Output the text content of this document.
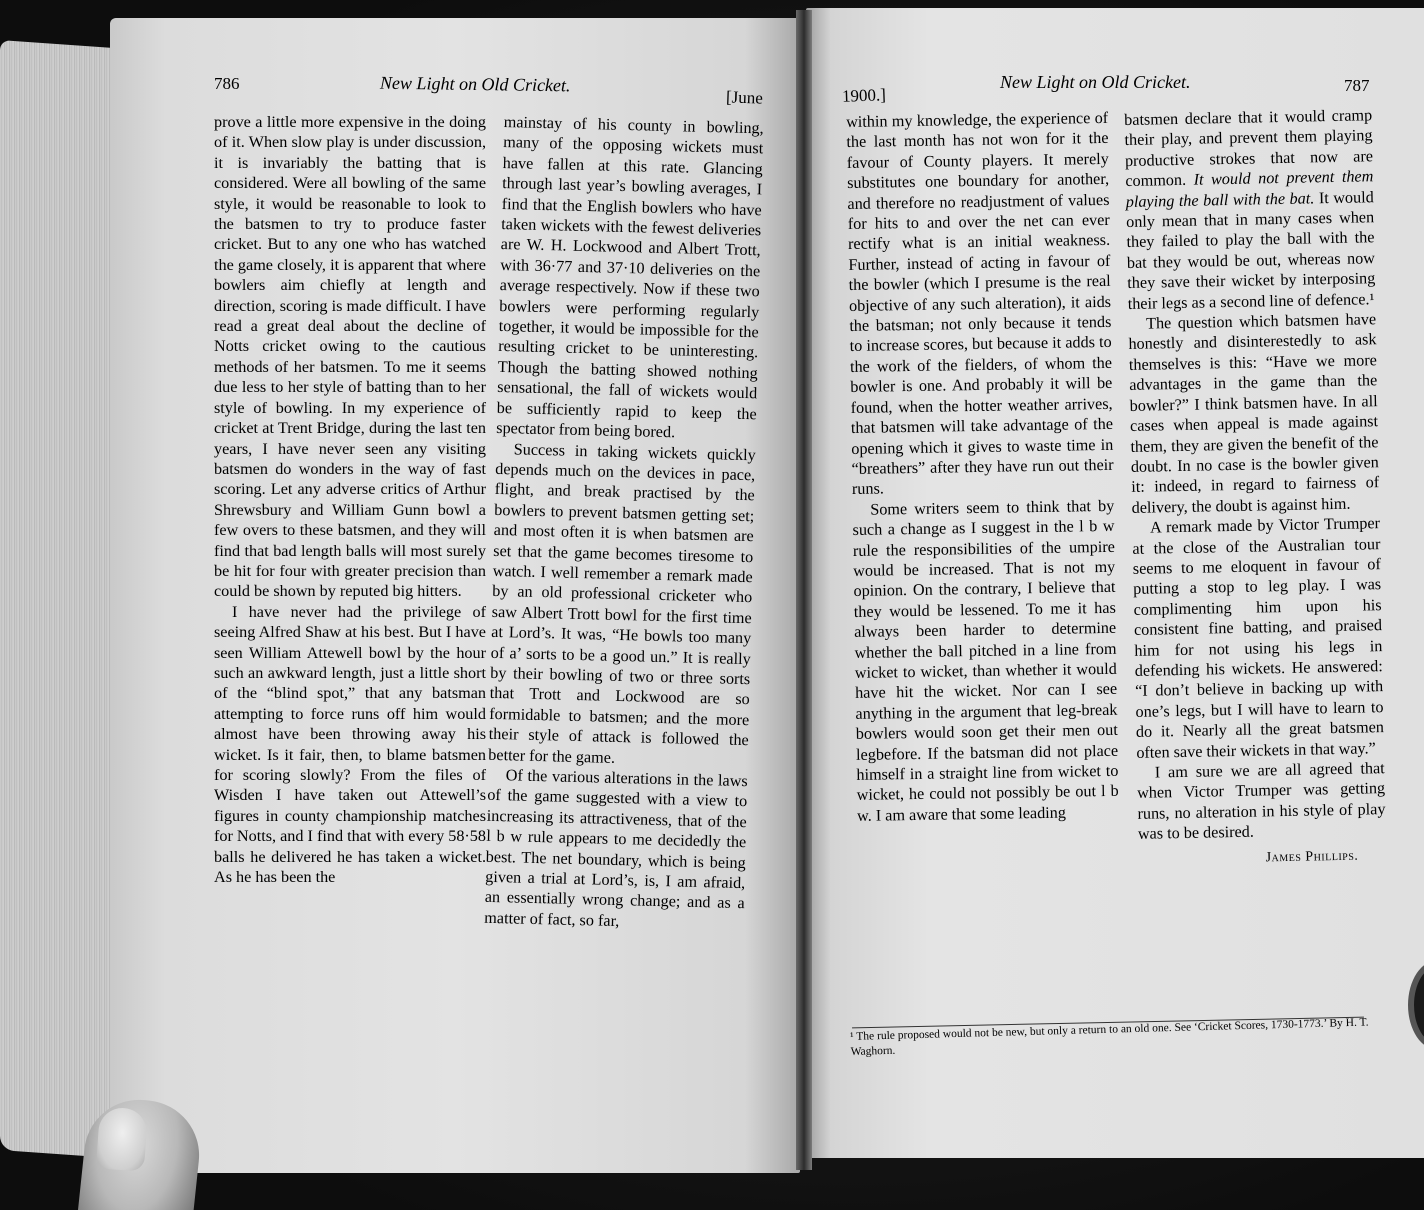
786	New Light on Old Cricket.
[June

prove a little more expensive in the doing of it. When slow play is under discussion, it is invariably the batting that is considered. Were all bowling of the same style, it would be reasonable to look to the batsmen to try to produce faster cricket. But to any one who has watched the game closely, it is apparent that where bowlers aim chiefly at length and direction, scoring is made difficult. I have read a great deal about the decline of Notts cricket owing to the cautious methods of her batsmen. To me it seems due less to her style of batting than to her style of bowling. In my experience of cricket at Trent Bridge, during the last ten years, I have never seen any visiting batsmen do wonders in the way of fast scoring. Let any adverse critics of Arthur Shrewsbury and William Gunn bowl a few overs to these batsmen, and they will find that bad length balls will most surely be hit for four with greater precision than could be shown by reputed big hitters.

I have never had the privilege of seeing Alfred Shaw at his best. But I have seen William Attewell bowl by the hour such an awkward length, just a little short of the “blind spot,” that any batsman attempting to force runs off him would almost have been throwing away his wicket. Is it fair, then, to blame batsmen for scoring slowly? From the files of Wisden I have taken out Attewell’s figures in county championship matches for Notts, and I find that with every 58·58 balls he delivered he has taken a wicket. As he has been the

mainstay of his county in bowling, many of the opposing wickets must have fallen at this rate. Glancing through last year’s bowling averages, I find that the English bowlers who have taken wickets with the fewest deliveries are W. H. Lockwood and Albert Trott, with 36·77 and 37·10 deliveries on the average respectively. Now if these two bowlers were performing regularly together, it would be impossible for the resulting cricket to be uninteresting. Though the batting showed nothing sensational, the fall of wickets would be sufficiently rapid to keep the spectator from being bored.

Success in taking wickets quickly depends much on the devices in pace, flight, and break practised by the bowlers to prevent batsmen getting set; and most often it is when batsmen are set that the game becomes tiresome to watch. I well remember a remark made by an old professional cricketer who saw Albert Trott bowl for the first time at Lord’s. It was, “He bowls too many of a’ sorts to be a good un.” It is really by their bowling of two or three sorts that Trott and Lockwood are so formidable to batsmen; and the more their style of attack is followed the better for the game.

Of the various alterations in the laws of the game suggested with a view to increasing its attractiveness, that of the l b w rule appears to me decidedly the best. The net boundary, which is being given a trial at Lord’s, is, I am afraid, an essentially wrong change; and as a matter of fact, so far,

1900.]
New Light on Old Cricket.	787

within my knowledge, the experience of the last month has not won for it the favour of County players. It merely substitutes one boundary for another, and therefore no readjustment of values for hits to and over the net can ever rectify what is an initial weakness. Further, instead of acting in favour of the bowler (which I presume is the real objective of any such alteration), it aids the batsman; not only because it tends to increase scores, but because it adds to the work of the fielders, of whom the bowler is one. And probably it will be found, when the hotter weather arrives, that batsmen will take advantage of the opening which it gives to waste time in “breathers” after they have run out their runs.

Some writers seem to think that by such a change as I suggest in the l b w rule the responsibilities of the umpire would be increased. That is not my opinion. On the contrary, I believe that they would be lessened. To me it has always been harder to determine whether the ball pitched in a line from wicket to wicket, than whether it would have hit the wicket. Nor can I see anything in the argument that leg-break bowlers would soon get their men out legbefore. If the batsman did not place himself in a straight line from wicket to wicket, he could not possibly be out l b w. I am aware that some leading

batsmen declare that it would cramp their play, and prevent them playing productive strokes that now are common. It would not prevent them playing the ball with the bat. It would only mean that in many cases when they failed to play the ball with the bat they would be out, whereas now they save their wicket by interposing their legs as a second line of defence.¹

The question which batsmen have honestly and disinterestedly to ask themselves is this: “Have we more advantages in the game than the bowler?” I think batsmen have. In all cases when appeal is made against them, they are given the benefit of the doubt. In no case is the bowler given it: indeed, in regard to fairness of delivery, the doubt is against him.

A remark made by Victor Trumper at the close of the Australian tour seems to me eloquent in favour of putting a stop to leg play. I was complimenting him upon his consistent fine batting, and praised him for not using his legs in defending his wickets. He answered: “I don’t believe in backing up with one’s legs, but I will have to learn to do it. Nearly all the great batsmen often save their wickets in that way.”

I am sure we are all agreed that when Victor Trumper was getting runs, no alteration in his style of play was to be desired.

James Phillips.
¹ The rule proposed would not be new, but only a return to an old one. See ‘Cricket Scores, 1730-1773.’ By H. T. Waghorn.
